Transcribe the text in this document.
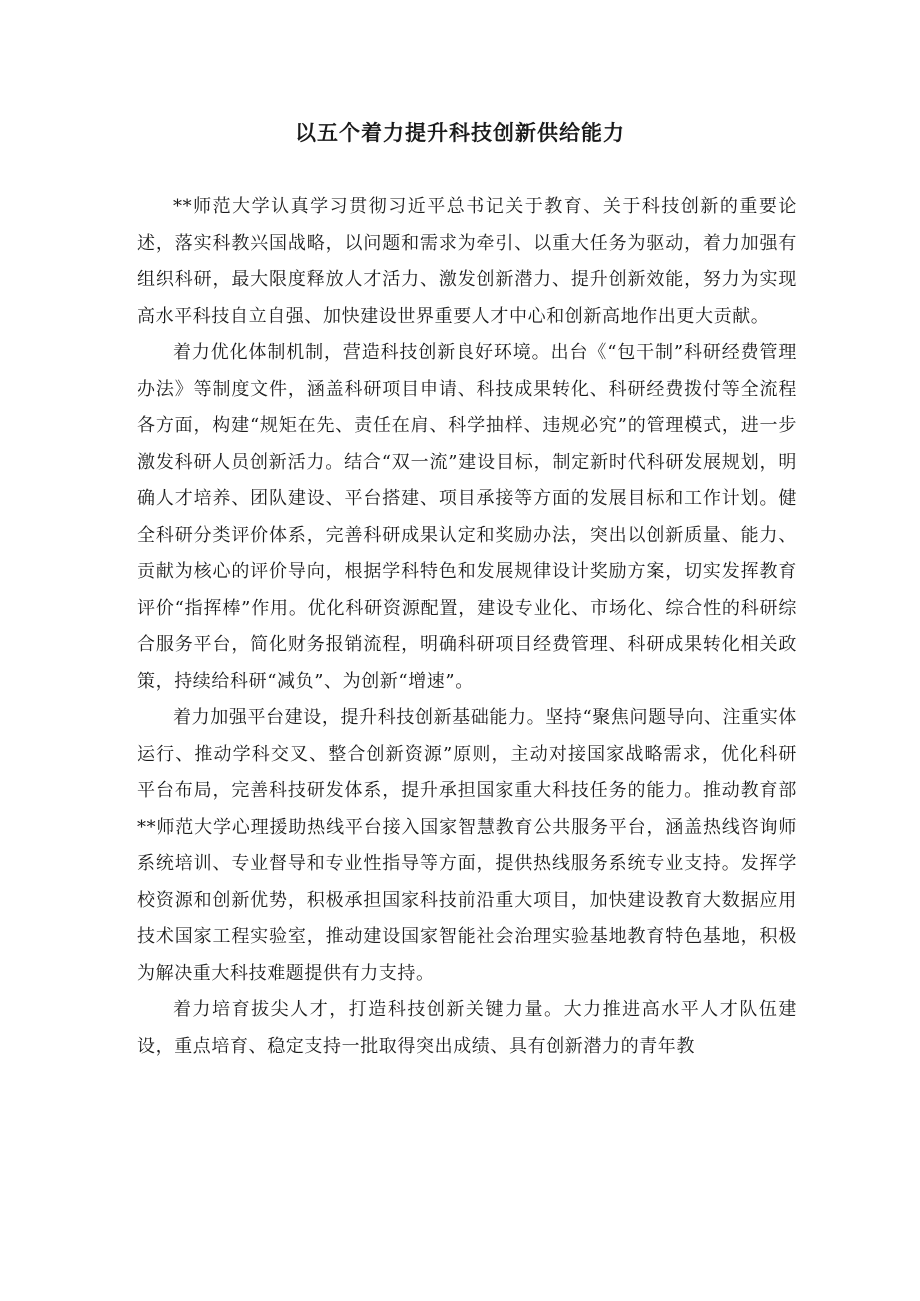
以五个着力提升科技创新供给能力

**师范大学认真学习贯彻习近平总书记关于教育、关于科技创新的重要论述，落实科教兴国战略，以问题和需求为牵引、以重大任务为驱动，着力加强有组织科研，最大限度释放人才活力、激发创新潜力、提升创新效能，努力为实现高水平科技自立自强、加快建设世界重要人才中心和创新高地作出更大贡献。

着力优化体制机制，营造科技创新良好环境。出台《“包干制”科研经费管理办法》等制度文件，涵盖科研项目申请、科技成果转化、科研经费拨付等全流程各方面，构建“规矩在先、责任在肩、科学抽样、违规必究”的管理模式，进一步激发科研人员创新活力。结合“双一流”建设目标，制定新时代科研发展规划，明确人才培养、团队建设、平台搭建、项目承接等方面的发展目标和工作计划。健全科研分类评价体系，完善科研成果认定和奖励办法，突出以创新质量、能力、贡献为核心的评价导向，根据学科特色和发展规律设计奖励方案，切实发挥教育评价“指挥棒”作用。优化科研资源配置，建设专业化、市场化、综合性的科研综合服务平台，简化财务报销流程，明确科研项目经费管理、科研成果转化相关政策，持续给科研“减负”、为创新“增速”。

着力加强平台建设，提升科技创新基础能力。坚持“聚焦问题导向、注重实体运行、推动学科交叉、整合创新资源”原则，主动对接国家战略需求，优化科研平台布局，完善科技研发体系，提升承担国家重大科技任务的能力。推动教育部**师范大学心理援助热线平台接入国家智慧教育公共服务平台，涵盖热线咨询师系统培训、专业督导和专业性指导等方面，提供热线服务系统专业支持。发挥学校资源和创新优势，积极承担国家科技前沿重大项目，加快建设教育大数据应用技术国家工程实验室，推动建设国家智能社会治理实验基地教育特色基地，积极为解决重大科技难题提供有力支持。

着力培育拔尖人才，打造科技创新关键力量。大力推进高水平人才队伍建设，重点培育、稳定支持一批取得突出成绩、具有创新潜力的青年教
